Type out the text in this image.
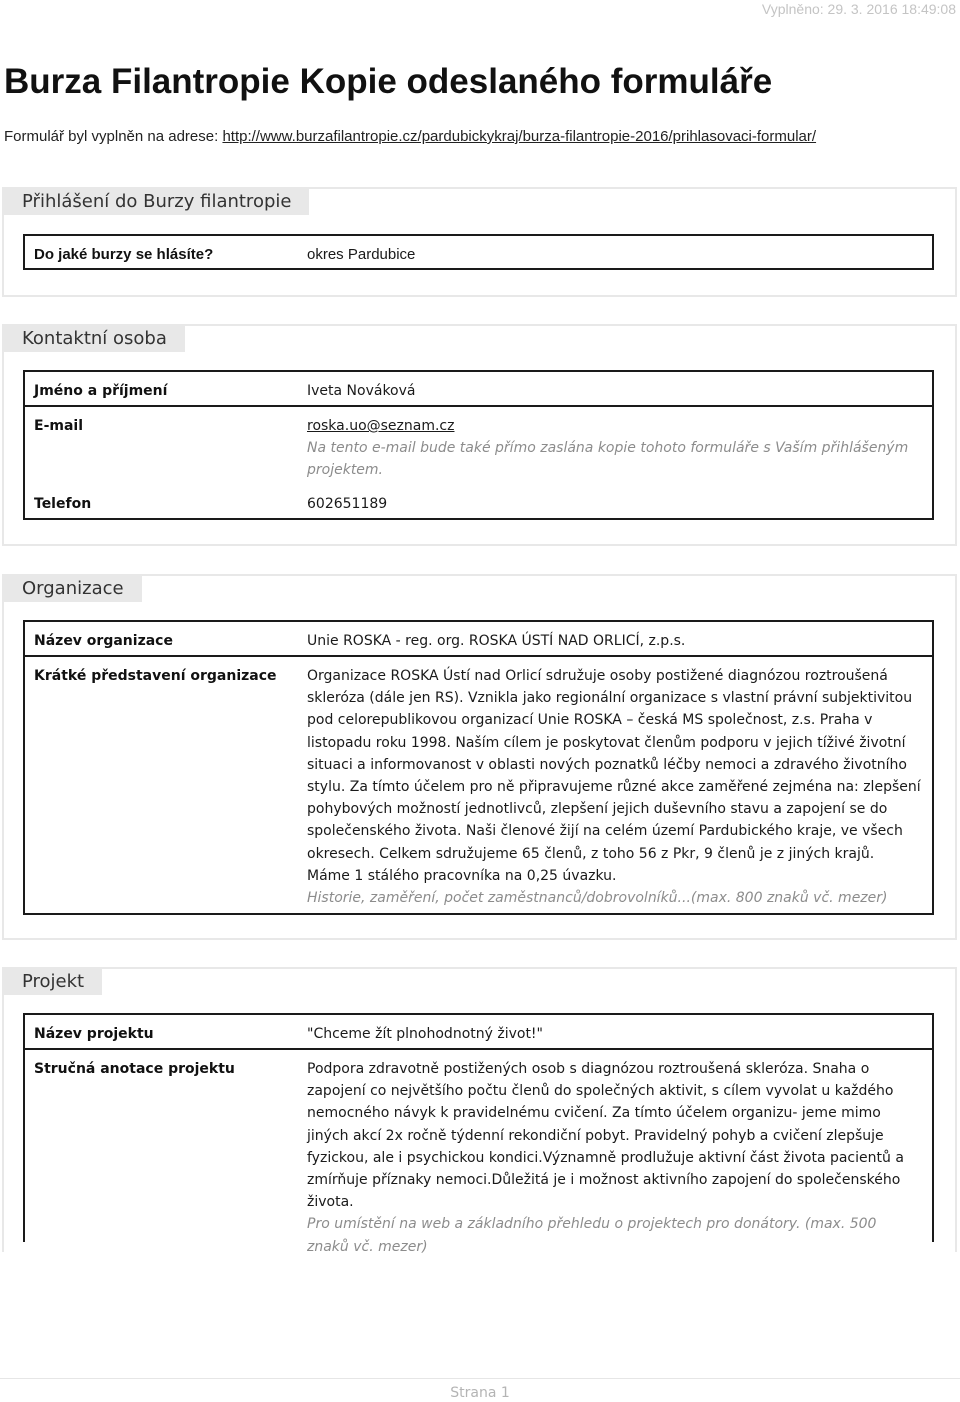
Vyplněno: 29. 3. 2016 18:49:08
Burza Filantropie Kopie odeslaného formuláře
Formulář byl vyplněn na adrese: http://www.burzafilantropie.cz/pardubickykraj/burza-filantropie-2016/prihlasovaci-formular/
Přihlášení do Burzy filantropie
Do jaké burzy se hlásíte?	okres Pardubice
Kontaktní osoba
Jméno a příjmení	Iveta Nováková
E-mail	roska.uo@seznam.cz
Na tento e-mail bude také přímo zaslána kopie tohoto formuláře s Vaším přihlášeným projektem.
Telefon	602651189
Organizace
Název organizace	Unie ROSKA - reg. org. ROSKA ÚSTÍ NAD ORLICÍ, z.p.s.
Krátké představení organizace	Organizace ROSKA Ústí nad Orlicí sdružuje osoby postižené diagnózou roztroušená skleróza (dále jen RS). Vznikla jako regionální organizace s vlastní právní subjektivitou pod celorepublikovou organizací Unie ROSKA – česká MS společnost, z.s. Praha v listopadu roku 1998. Naším cílem je poskytovat členům podporu v jejich tíživé životní situaci a informovanost v oblasti nových poznatků léčby nemoci a zdravého životního stylu. Za tímto účelem pro ně připravujeme různé akce zaměřené zejména na: zlepšení pohybových možností jednotlivců, zlepšení jejich duševního stavu a zapojení se do společenského života. Naši členové žijí na celém území Pardubického kraje, ve všech okresech. Celkem sdružujeme 65 členů, z toho 56 z Pkr, 9 členů je z jiných krajů.
Máme 1 stálého pracovníka na 0,25 úvazku.
Historie, zaměření, počet zaměstnanců/dobrovolníků...(max. 800 znaků vč. mezer)
Projekt
Název projektu	"Chceme žít plnohodnotný život!"
Stručná anotace projektu	Podpora zdravotně postižených osob s diagnózou roztroušená skleróza. Snaha o zapojení co největšího počtu členů do společných aktivit, s cílem vyvolat u každého nemocného návyk k pravidelnému cvičení. Za tímto účelem organizu- jeme mimo jiných akcí 2x ročně týdenní rekondiční pobyt. Pravidelný pohyb a cvičení zlepšuje fyzickou, ale i psychickou kondici.Významně prodlužuje aktivní část života pacientů a zmírňuje příznaky nemoci.Důležitá je i možnost aktivního zapojení do společenského života.
Pro umístění na web a základního přehledu o projektech pro donátory. (max. 500 znaků vč. mezer)
Strana 1
